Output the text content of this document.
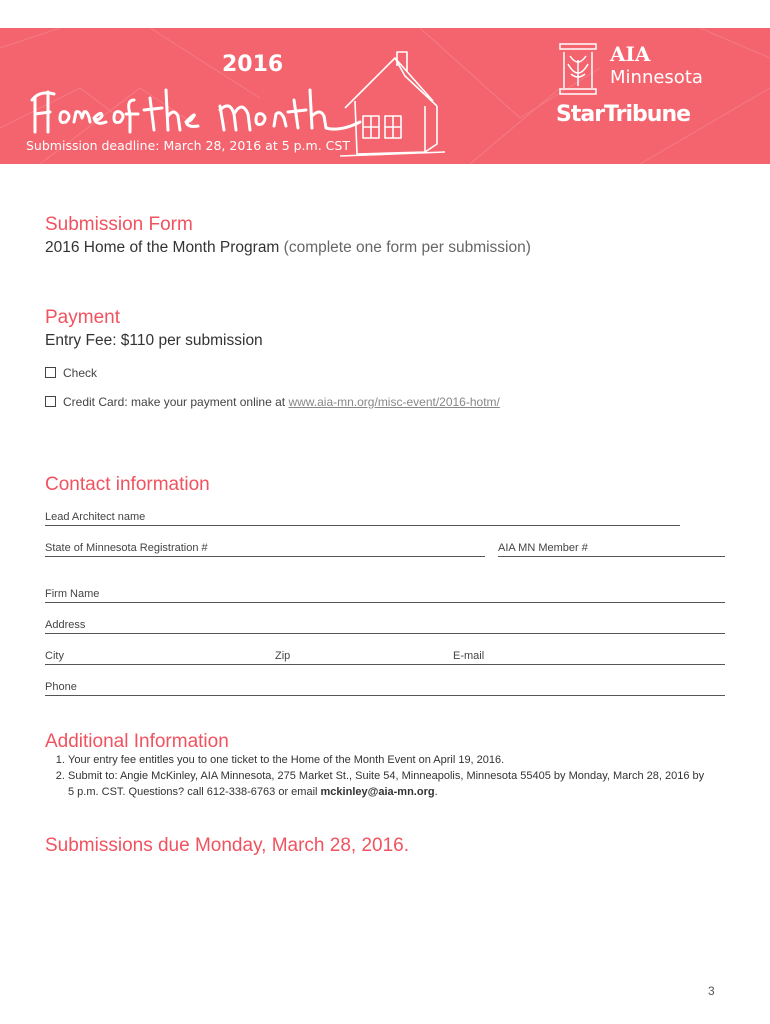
2016
Submission deadline: March 28, 2016 at 5 p.m. CST
AIA
Minnesota
StarTribune
Submission Form
2016 Home of the Month Program (complete one form per submission)
Payment
Entry Fee: $110 per submission
Check
Credit Card: make your payment online at www.aia-mn.org/misc-event/2016-hotm/
Contact information
Lead Architect name
State of Minnesota Registration #	AIA MN Member #
Firm Name
Address
City	Zip	E-mail
Phone
Additional Information
1. Your entry fee entitles you to one ticket to the Home of the Month Event on April 19, 2016.
2. Submit to: Angie McKinley, AIA Minnesota, 275 Market St., Suite 54, Minneapolis, Minnesota 55405 by Monday, March 28, 2016 by 5 p.m. CST. Questions? call 612-338-6763 or email mckinley@aia-mn.org.
Submissions due Monday, March 28, 2016.
3
